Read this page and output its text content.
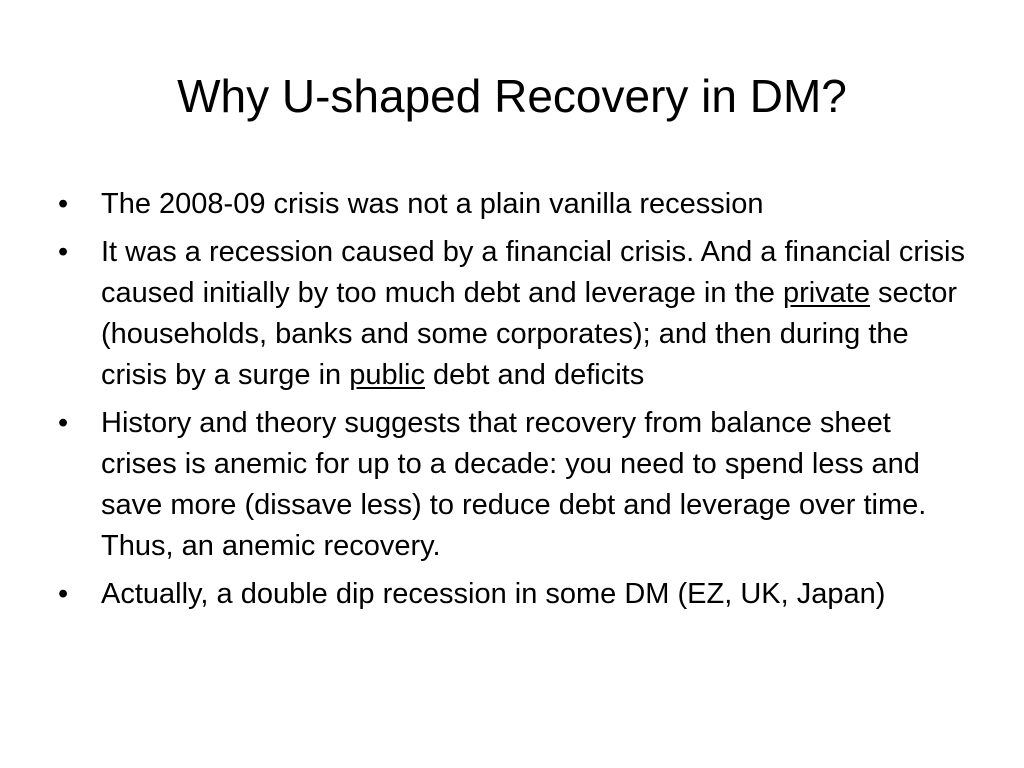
Why U-shaped Recovery in DM?
•	The 2008-09 crisis was not a plain vanilla recession
•	It was a recession caused by a financial crisis. And a financial crisis caused initially by too much debt and leverage in the private sector (households, banks and some corporates); and then during the crisis by a surge in public debt and deficits
•	History and theory suggests that recovery from balance sheet crises is anemic for up to a decade: you need to spend less and save more (dissave less) to reduce debt and leverage over time. Thus, an anemic recovery.
•	Actually, a double dip recession in some DM (EZ, UK, Japan)
